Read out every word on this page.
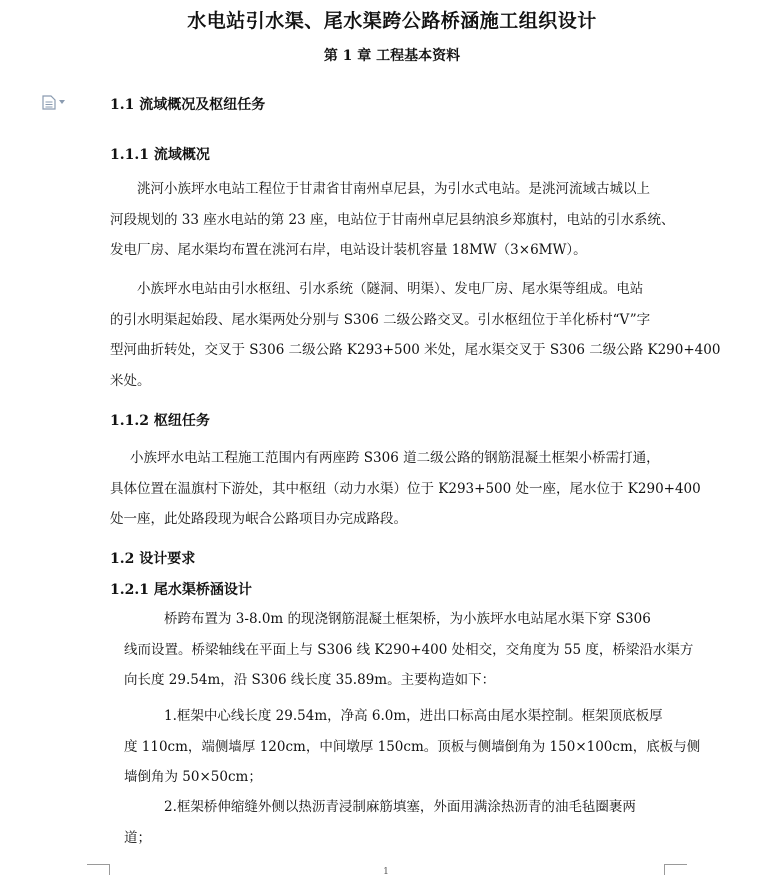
水电站引水渠、尾水渠跨公路桥涵施工组织设计
第 1 章 工程基本资料
1.1 流域概况及枢纽任务
1.1.1 流域概况
洮河小族坪水电站工程位于甘肃省甘南州卓尼县，为引水式电站。是洮河流域古城以上
河段规划的 33 座水电站的第 23 座，电站位于甘南州卓尼县纳浪乡郑旗村，电站的引水系统、
发电厂房、尾水渠均布置在洮河右岸，电站设计装机容量 18MW（3×6MW）。
小族坪水电站由引水枢纽、引水系统（隧洞、明渠）、发电厂房、尾水渠等组成。电站
的引水明渠起始段、尾水渠两处分别与 S306 二级公路交叉。引水枢纽位于羊化桥村“V”字
型河曲折转处，交叉于 S306 二级公路 K293+500 米处，尾水渠交叉于 S306 二级公路 K290+400
米处。
1.1.2 枢纽任务
小族坪水电站工程施工范围内有两座跨 S306 道二级公路的钢筋混凝土框架小桥需打通，
具体位置在温旗村下游处，其中枢纽（动力水渠）位于 K293+500 处一座，尾水位于 K290+400
处一座，此处路段现为岷合公路项目办完成路段。
1.2 设计要求
1.2.1 尾水渠桥涵设计
桥跨布置为 3-8.0m 的现浇钢筋混凝土框架桥，为小族坪水电站尾水渠下穿 S306
线而设置。桥梁轴线在平面上与 S306 线 K290+400 处相交，交角度为 55 度，桥梁沿水渠方
向长度 29.54m，沿 S306 线长度 35.89m。主要构造如下：
1.框架中心线长度 29.54m，净高 6.0m，进出口标高由尾水渠控制。框架顶底板厚
度 110cm，端侧墙厚 120cm，中间墩厚 150cm。顶板与侧墙倒角为 150×100cm，底板与侧
墙倒角为 50×50cm；
2.框架桥伸缩缝外侧以热沥青浸制麻筋填塞，外面用满涂热沥青的油毛毡圈裹两
道；
1
